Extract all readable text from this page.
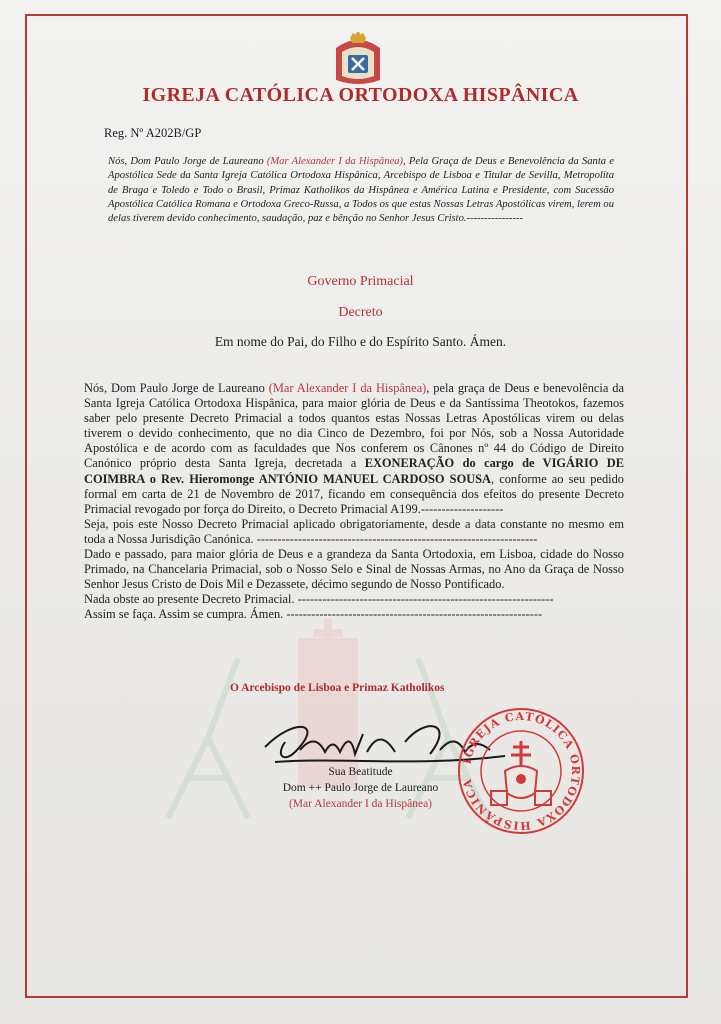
IGREJA CATÓLICA ORTODOXA HISPÂNICA
Reg. Nº A202B/GP
Nós, Dom Paulo Jorge de Laureano (Mar Alexander I da Hispânea), Pela Graça de Deus e Benevolência da Santa e Apostólica Sede da Santa Igreja Católica Ortodoxa Hispânica, Arcebispo de Lisboa e Titular de Sevilla, Metropolita de Braga e Toledo e Todo o Brasil, Primaz Katholikos da Hispânea e América Latina e Presidente, com Sucessão Apostólica Católica Romana e Ortodoxa Greco-Russa, a Todos os que estas Nossas Letras Apostólicas virem, lerem ou delas tiverem devido conhecimento, saudação, paz e bênção no Senhor Jesus Cristo.----------------
Governo Primacial
Decreto
Em nome do Pai, do Filho e do Espírito Santo. Ámen.

Nós, Dom Paulo Jorge de Laureano (Mar Alexander I da Hispânea), pela graça de Deus e benevolência da Santa Igreja Católica Ortodoxa Hispânica, para maior glória de Deus e da Santíssima Theotokos, fazemos saber pelo presente Decreto Primacial a todos quantos estas Nossas Letras Apostólicas virem ou delas tiverem o devido conhecimento, que no dia Cinco de Dezembro, foi por Nós, sob a Nossa Autoridade Apostólica e de acordo com as faculdades que Nos conferem os Cânones nº 44 do Código de Direito Canónico próprio desta Santa Igreja, decretada a EXONERAÇÃO do cargo de VIGÁRIO DE COIMBRA o Rev. Hieromonge ANTÓNIO MANUEL CARDOSO SOUSA, conforme ao seu pedido formal em carta de 21 de Novembro de 2017, ficando em consequência dos efeitos do presente Decreto Primacial revogado por força do Direito, o Decreto Primacial A199.--------------------

Seja, pois este Nosso Decreto Primacial aplicado obrigatoriamente, desde a data constante no mesmo em toda a Nossa Jurisdição Canónica. --------------------------------------------------------------------

Dado e passado, para maior glória de Deus e a grandeza da Santa Ortodoxia, em Lisboa, cidade do Nosso Primado, na Chancelaria Primacial, sob o Nosso Selo e Sinal de Nossas Armas, no Ano da Graça de Nosso Senhor Jesus Cristo de Dois Mil e Dezassete, décimo segundo de Nosso Pontificado.

Nada obste ao presente Decreto Primacial. --------------------------------------------------------------

Assim se faça. Assim se cumpra. Ámen. --------------------------------------------------------------

O Arcebispo de Lisboa e Primaz Katholikos
Sua Beatitude
Dom ++ Paulo Jorge de Laureano
(Mar Alexander I da Hispânea)
IGREJA CATÓLICA ORTODOXA HISPÂNICA
